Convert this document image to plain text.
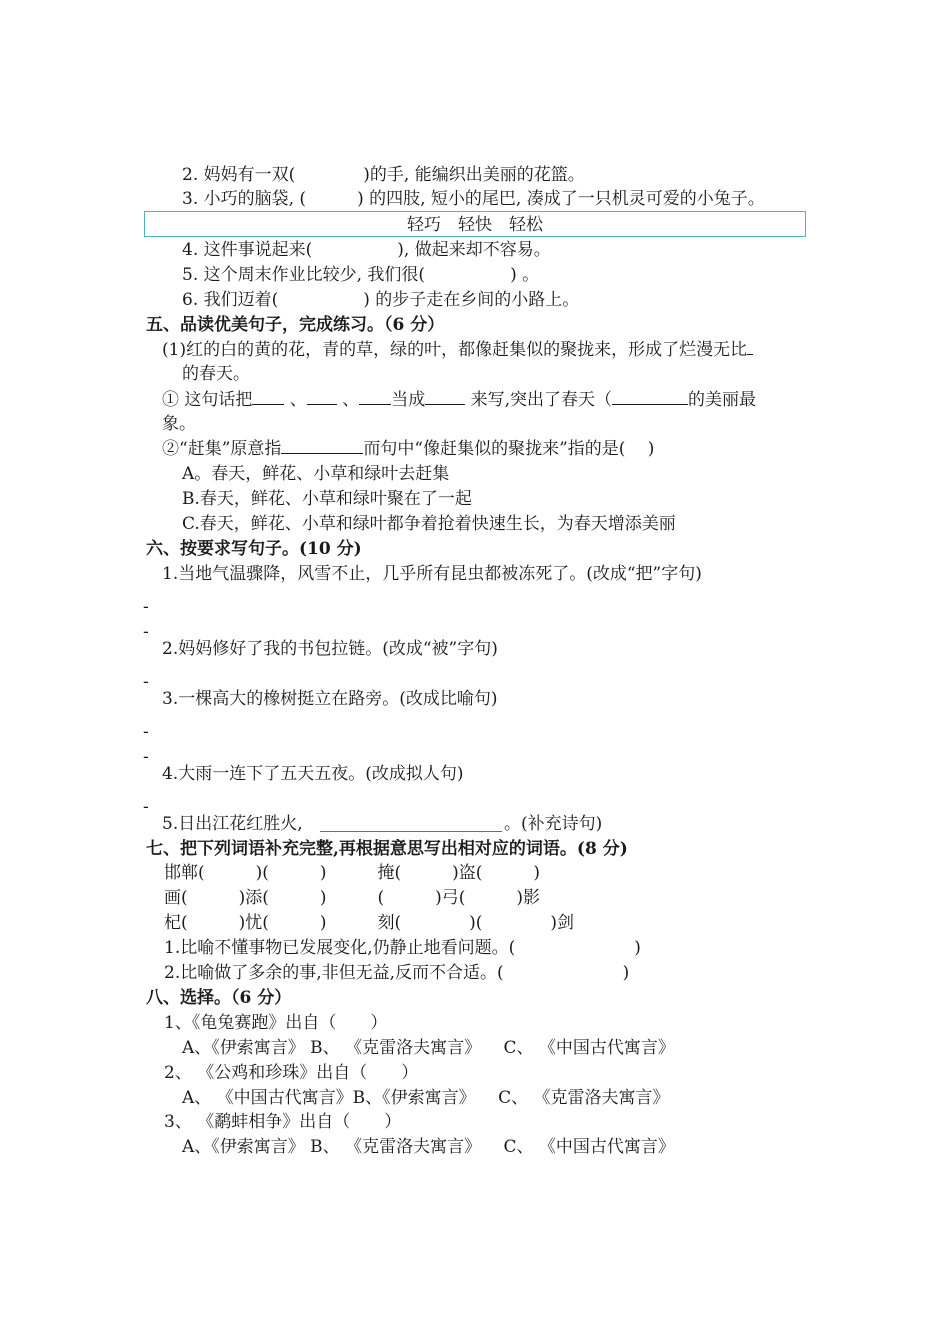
2. 妈妈有一双(　　　　)的手, 能编织出美丽的花篮。
3. 小巧的脑袋, (　　　) 的四肢, 短小的尾巴, 凑成了一只机灵可爱的小兔子。
轻巧　轻快　轻松
4. 这件事说起来(　　　　　), 做起来却不容易。
5. 这个周末作业比较少, 我们很(　　　　　) 。
6. 我们迈着(　　　　　) 的步子走在乡间的小路上。
五、品读优美句子，完成练习。（6 分）
(1)红的白的黄的花，青的草，绿的叶，都像赶集似的聚拢来，形成了烂漫无比
的春天。
① 这句话把 、 、 当成 来写,突出了春天（	的美丽最
象。
②“赶集”原意指	而句中“像赶集似的聚拢来”指的是(　 )
A。春天，鲜花、小草和绿叶去赶集
B.春天，鲜花、小草和绿叶聚在了一起
C.春天，鲜花、小草和绿叶都争着抢着快速生长，为春天增添美丽
六、按要求写句子。(10 分)
1.当地气温骤降，风雪不止，几乎所有昆虫都被冻死了。(改成“把”字句)
-
-
2.妈妈修好了我的书包拉链。(改成“被”字句)
-
3.一棵高大的橡树挺立在路旁。(改成比喻句)
-
-
4.大雨一连下了五天五夜。(改成拟人句)
-
5.日出江花红胜火,	。(补充诗句)
七、把下列词语补充完整,再根据意思写出相对应的词语。(8 分)
邯郸(　　　)(　　　)　　　掩(　　　)盗(　　　)
画(　　　)添(　　　)　　　(　　　)弓(　　　)影
杞(　　　)忧(　　　)　　　刻(　　　　)(　　　　)剑
1.比喻不懂事物已发展变化,仍静止地看问题。(　　　　　　　)
2.比喻做了多余的事,非但无益,反而不合适。(　　　　　　　)
八、选择。（6 分）
1、《龟兔赛跑》出自（　　）
A、《伊索寓言》 B、 《克雷洛夫寓言》 　C、 《中国古代寓言》
2、 《公鸡和珍珠》出自（　　）
A、 《中国古代寓言》B、《伊索寓言》 　C、 《克雷洛夫寓言》
3、 《鹬蚌相争》出自（　　）
A、《伊索寓言》 B、 《克雷洛夫寓言》 　C、 《中国古代寓言》
